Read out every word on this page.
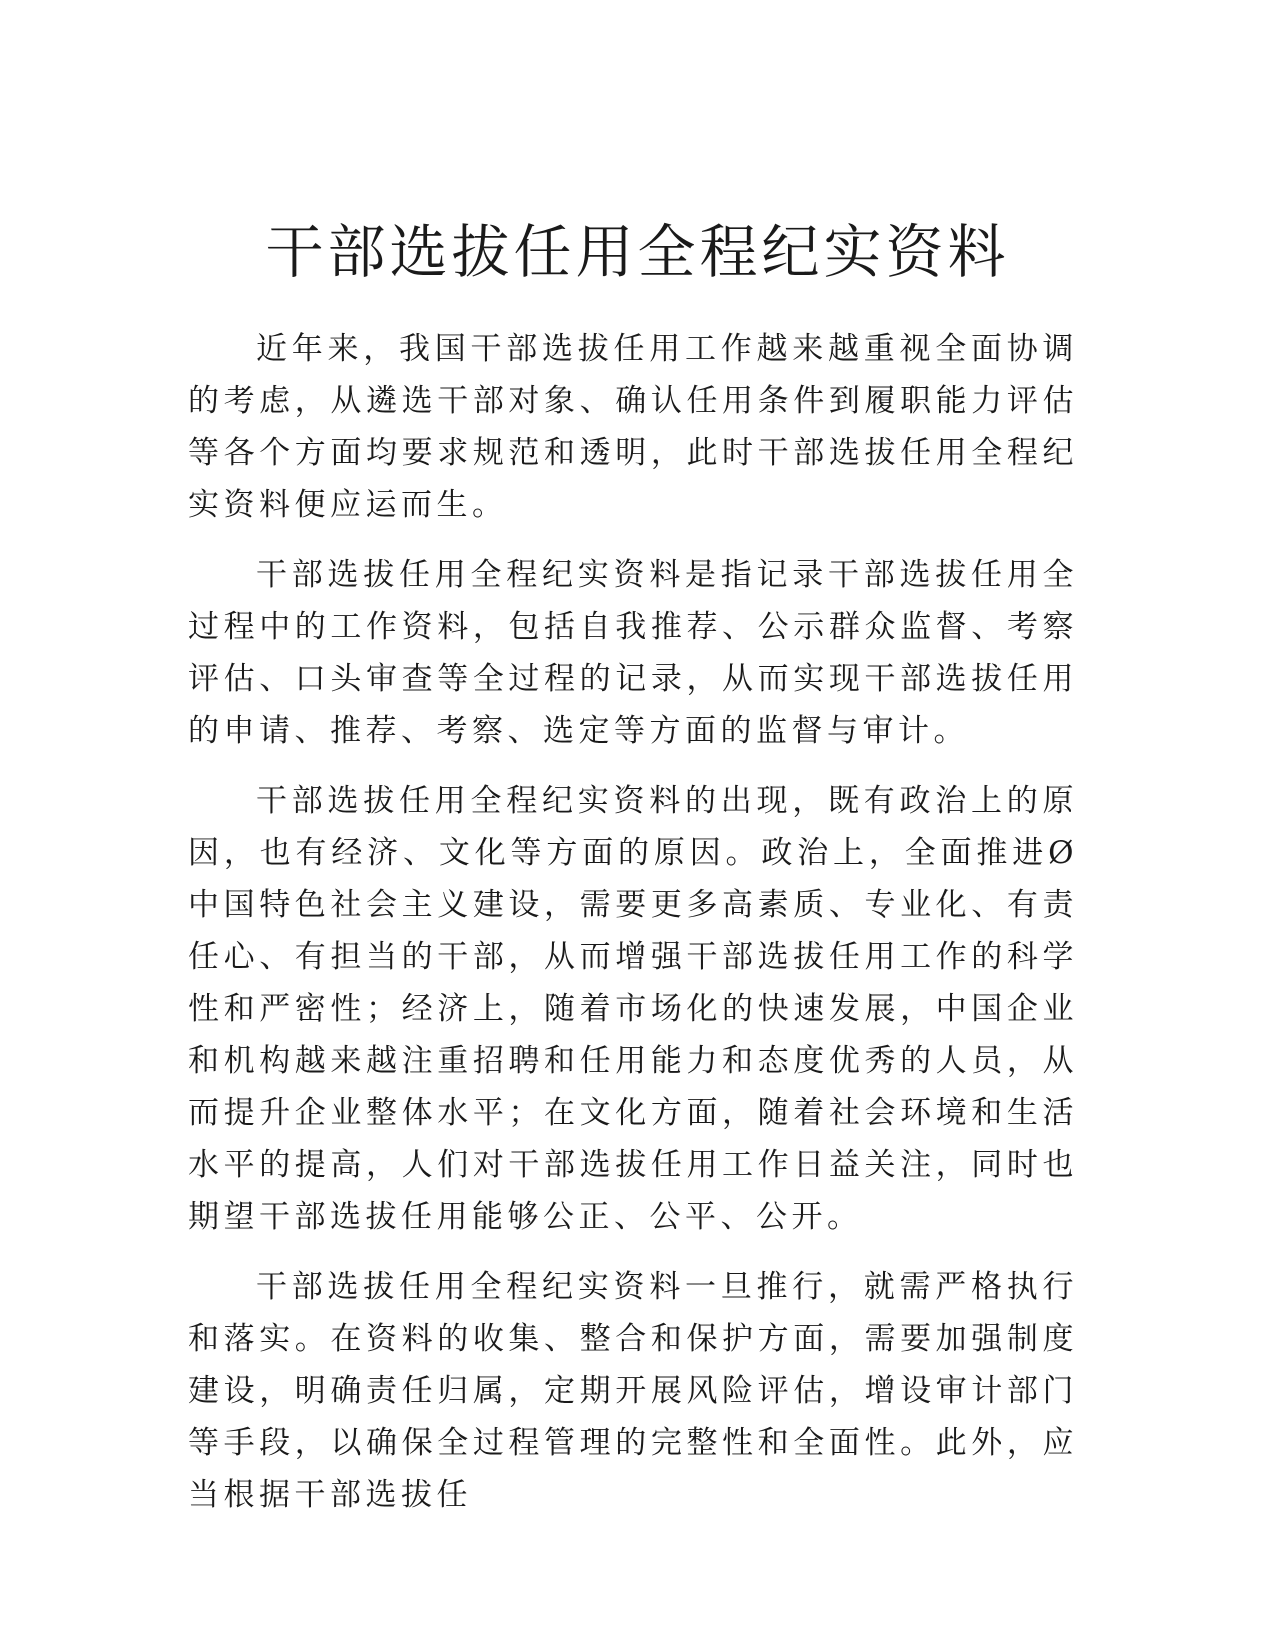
干部选拔任用全程纪实资料

近年来，我国干部选拔任用工作越来越重视全面协调的考虑，从遴选干部对象、确认任用条件到履职能力评估等各个方面均要求规范和透明，此时干部选拔任用全程纪实资料便应运而生。

干部选拔任用全程纪实资料是指记录干部选拔任用全过程中的工作资料，包括自我推荐、公示群众监督、考察评估、口头审查等全过程的记录，从而实现干部选拔任用的申请、推荐、考察、选定等方面的监督与审计。

干部选拔任用全程纪实资料的出现，既有政治上的原因，也有经济、文化等方面的原因。政治上，全面推进Ø中国特色社会主义建设，需要更多高素质、专业化、有责任心、有担当的干部，从而增强干部选拔任用工作的科学性和严密性；经济上，随着市场化的快速发展，中国企业和机构越来越注重招聘和任用能力和态度优秀的人员，从而提升企业整体水平；在文化方面，随着社会环境和生活水平的提高，人们对干部选拔任用工作日益关注，同时也期望干部选拔任用能够公正、公平、公开。

干部选拔任用全程纪实资料一旦推行，就需严格执行和落实。在资料的收集、整合和保护方面，需要加强制度建设，明确责任归属，定期开展风险评估，增设审计部门等手段，以确保全过程管理的完整性和全面性。此外，应当根据干部选拔任
